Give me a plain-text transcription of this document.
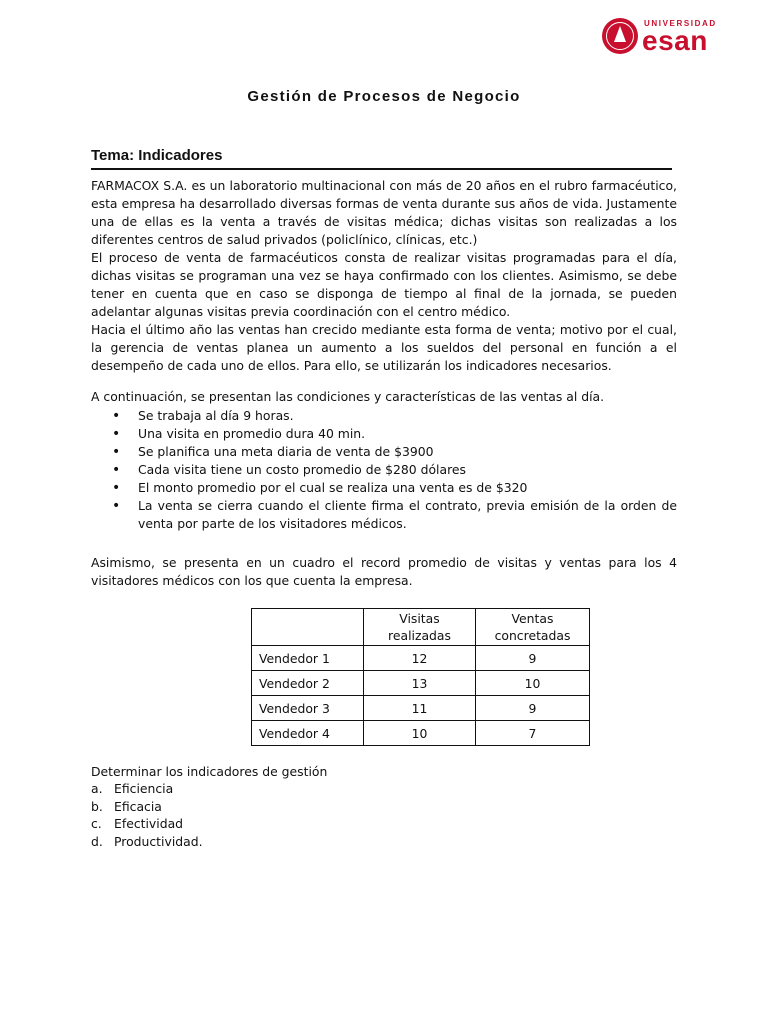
UNIVERSIDAD
esan
Gestión de Procesos de Negocio
Tema: Indicadores

FARMACOX S.A. es un laboratorio multinacional con más de 20 años en el rubro farmacéutico, esta empresa ha desarrollado diversas formas de venta durante sus años de vida. Justamente una de ellas es la venta a través de visitas médica; dichas visitas son realizadas a los diferentes centros de salud privados (policlínico, clínicas, etc.)

El proceso de venta de farmacéuticos consta de realizar visitas programadas para el día, dichas visitas se programan una vez se haya confirmado con los clientes. Asimismo, se debe tener en cuenta que en caso se disponga de tiempo al final de la jornada, se pueden adelantar algunas visitas previa coordinación con el centro médico.

Hacia el último año las ventas han crecido mediante esta forma de venta; motivo por el cual, la gerencia de ventas planea un aumento a los sueldos del personal en función a el desempeño de cada uno de ellos. Para ello, se utilizarán los indicadores necesarios.

A continuación, se presentan las condiciones y características de las ventas al día.
• Se trabaja al día 9 horas.
• Una visita en promedio dura 40 min.
• Se planifica una meta diaria de venta de $3900
• Cada visita tiene un costo promedio de $280 dólares
• El monto promedio por el cual se realiza una venta es de $320
• La venta se cierra cuando el cliente firma el contrato, previa emisión de la orden de venta por parte de los visitadores médicos.
Asimismo, se presenta en un cuadro el record promedio de visitas y ventas para los 4 visitadores médicos con los que cuenta la empresa.
	Visitas realizadas	Ventas concretadas
Vendedor 1	12	9
Vendedor 2	13	10
Vendedor 3	11	9
Vendedor 4	10	7
Determinar los indicadores de gestión
a. Eficiencia
b. Eficacia
c. Efectividad
d. Productividad.
